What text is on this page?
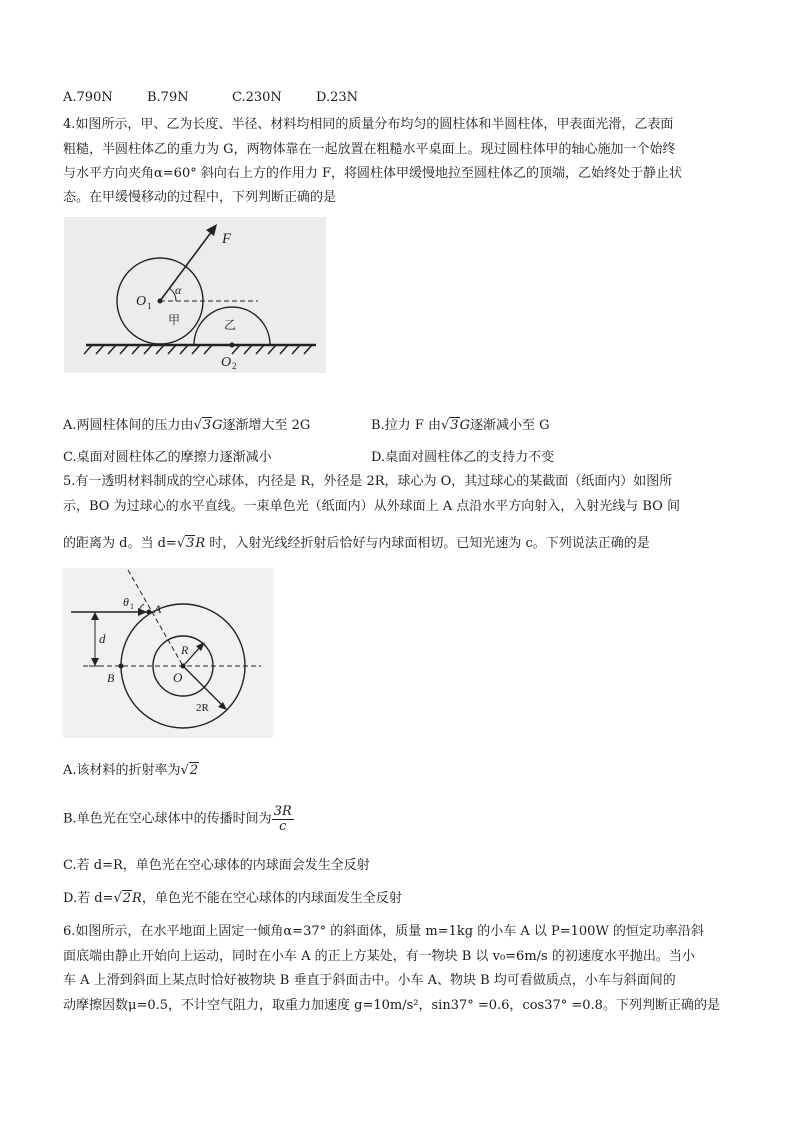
A.790N	B.79N	C.230N	D.23N
4.如图所示，甲、乙为长度、半径、材料均相同的质量分布均匀的圆柱体和半圆柱体，甲表面光滑，乙表面
粗糙，半圆柱体乙的重力为 G，两物体靠在一起放置在粗糙水平桌面上。现过圆柱体甲的轴心施加一个始终
与水平方向夹角α=60° 斜向右上方的作用力 F，将圆柱体甲缓慢地拉至圆柱体乙的顶端，乙始终处于静止状
态。在甲缓慢移动的过程中，下列判断正确的是
F
α
O 1
甲	乙
O 2
A.两圆柱体间的压力由√3G逐渐增大至 2G	B.拉力 F 由√3G逐渐减小至 G
C.桌面对圆柱体乙的摩擦力逐渐减小	D.桌面对圆柱体乙的支持力不变
5.有一透明材料制成的空心球体，内径是 R，外径是 2R，球心为 O，其过球心的某截面（纸面内）如图所
示，BO 为过球心的水平直线。一束单色光（纸面内）从外球面上 A 点沿水平方向射入，入射光线与 BO 间
的距离为 d。当 d=√3R 时，入射光线经折射后恰好与内球面相切。已知光速为 c。下列说法正确的是
θ 1 A
d
B
R
O
2R
A.该材料的折射率为√2
B.单色光在空心球体中的传播时间为 $\frac{3R}{c}$
C.若 d=R，单色光在空心球体的内球面会发生全反射
D.若 d=√2R，单色光不能在空心球体的内球面发生全反射
6.如图所示，在水平地面上固定一倾角α=37° 的斜面体，质量 m=1kg 的小车 A 以 P=100W 的恒定功率沿斜
面底端由静止开始向上运动，同时在小车 A 的正上方某处，有一物块 B 以 v₀=6m/s 的初速度水平抛出。当小
车 A 上滑到斜面上某点时恰好被物块 B 垂直于斜面击中。小车 A、物块 B 均可看做质点，小车与斜面间的
动摩擦因数μ=0.5，不计空气阻力，取重力加速度 g=10m/s²，sin37° =0.6，cos37° =0.8。下列判断正确的是
